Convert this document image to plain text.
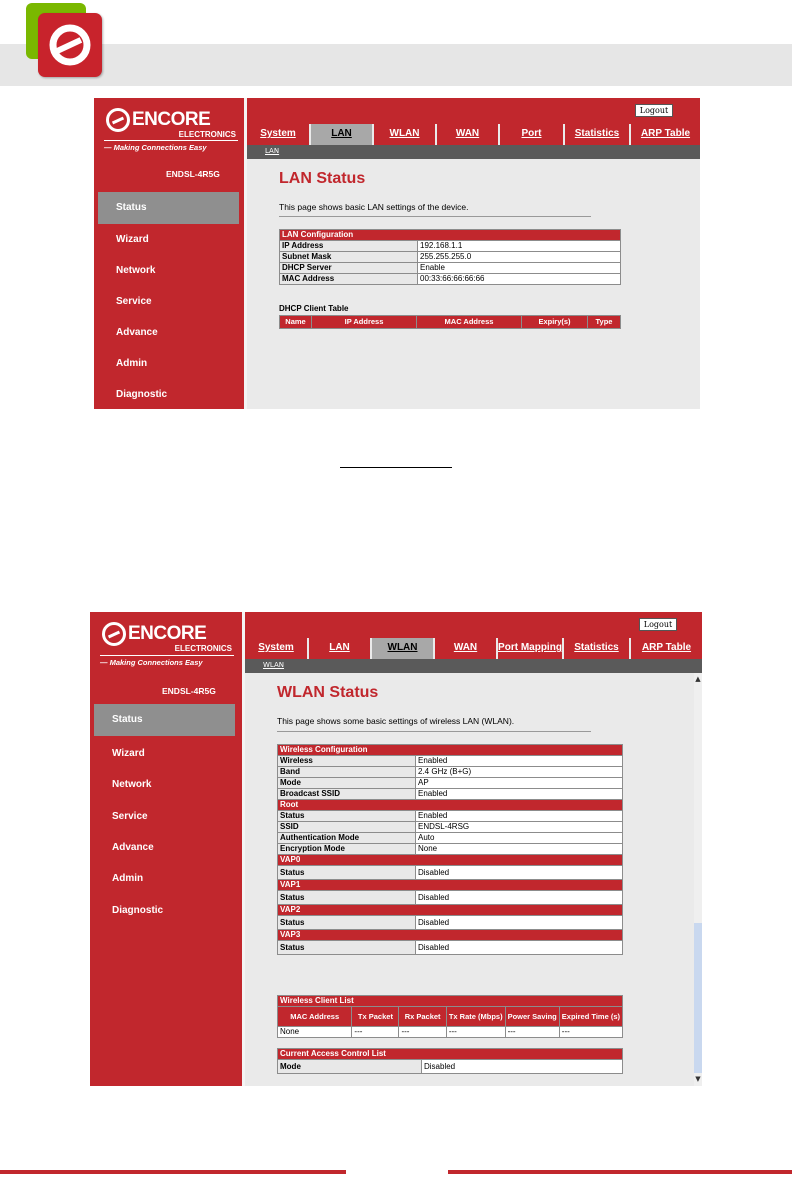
ENCORE
ELECTRONICS
— Making Connections Easy
ENDSL-4R5G
Status
Wizard
Network
Service
Advance
Admin
Diagnostic
Logout
System	LAN	WLAN	WAN	Port	Statistics	ARP Table
LAN
LAN Status
This page shows basic LAN settings of the device.
LAN Configuration	
IP Address	192.168.1.1
Subnet Mask	255.255.255.0
DHCP Server	Enable
MAC Address	00:33:66:66:66:66
DHCP Client Table
Name	IP Address	MAC Address	Expiry(s)	Type
ENCORE
ELECTRONICS
— Making Connections Easy
ENDSL-4R5G
Status
Wizard
Network
Service
Advance
Admin
Diagnostic
Logout
System	LAN	WLAN	WAN	Port Mapping	Statistics	ARP Table
WLAN
WLAN Status
This page shows some basic settings of wireless LAN (WLAN).
Wireless Configuration	
Wireless	Enabled
Band	2.4 GHz (B+G)
Mode	AP
Broadcast SSID	Enabled
Root	
Status	Enabled
SSID	ENDSL-4RSG
Authentication Mode	Auto
Encryption Mode	None
VAP0	
Status	Disabled
VAP1	
Status	Disabled
VAP2	
Status	Disabled
VAP3	
Status	Disabled
Wireless Client List					
MAC Address	Tx Packet	Rx Packet	Tx Rate (Mbps)	Power Saving	Expired Time (s)
None	---	---	---	---	---
Current Access Control List
Mode	Disabled
▲
▼
